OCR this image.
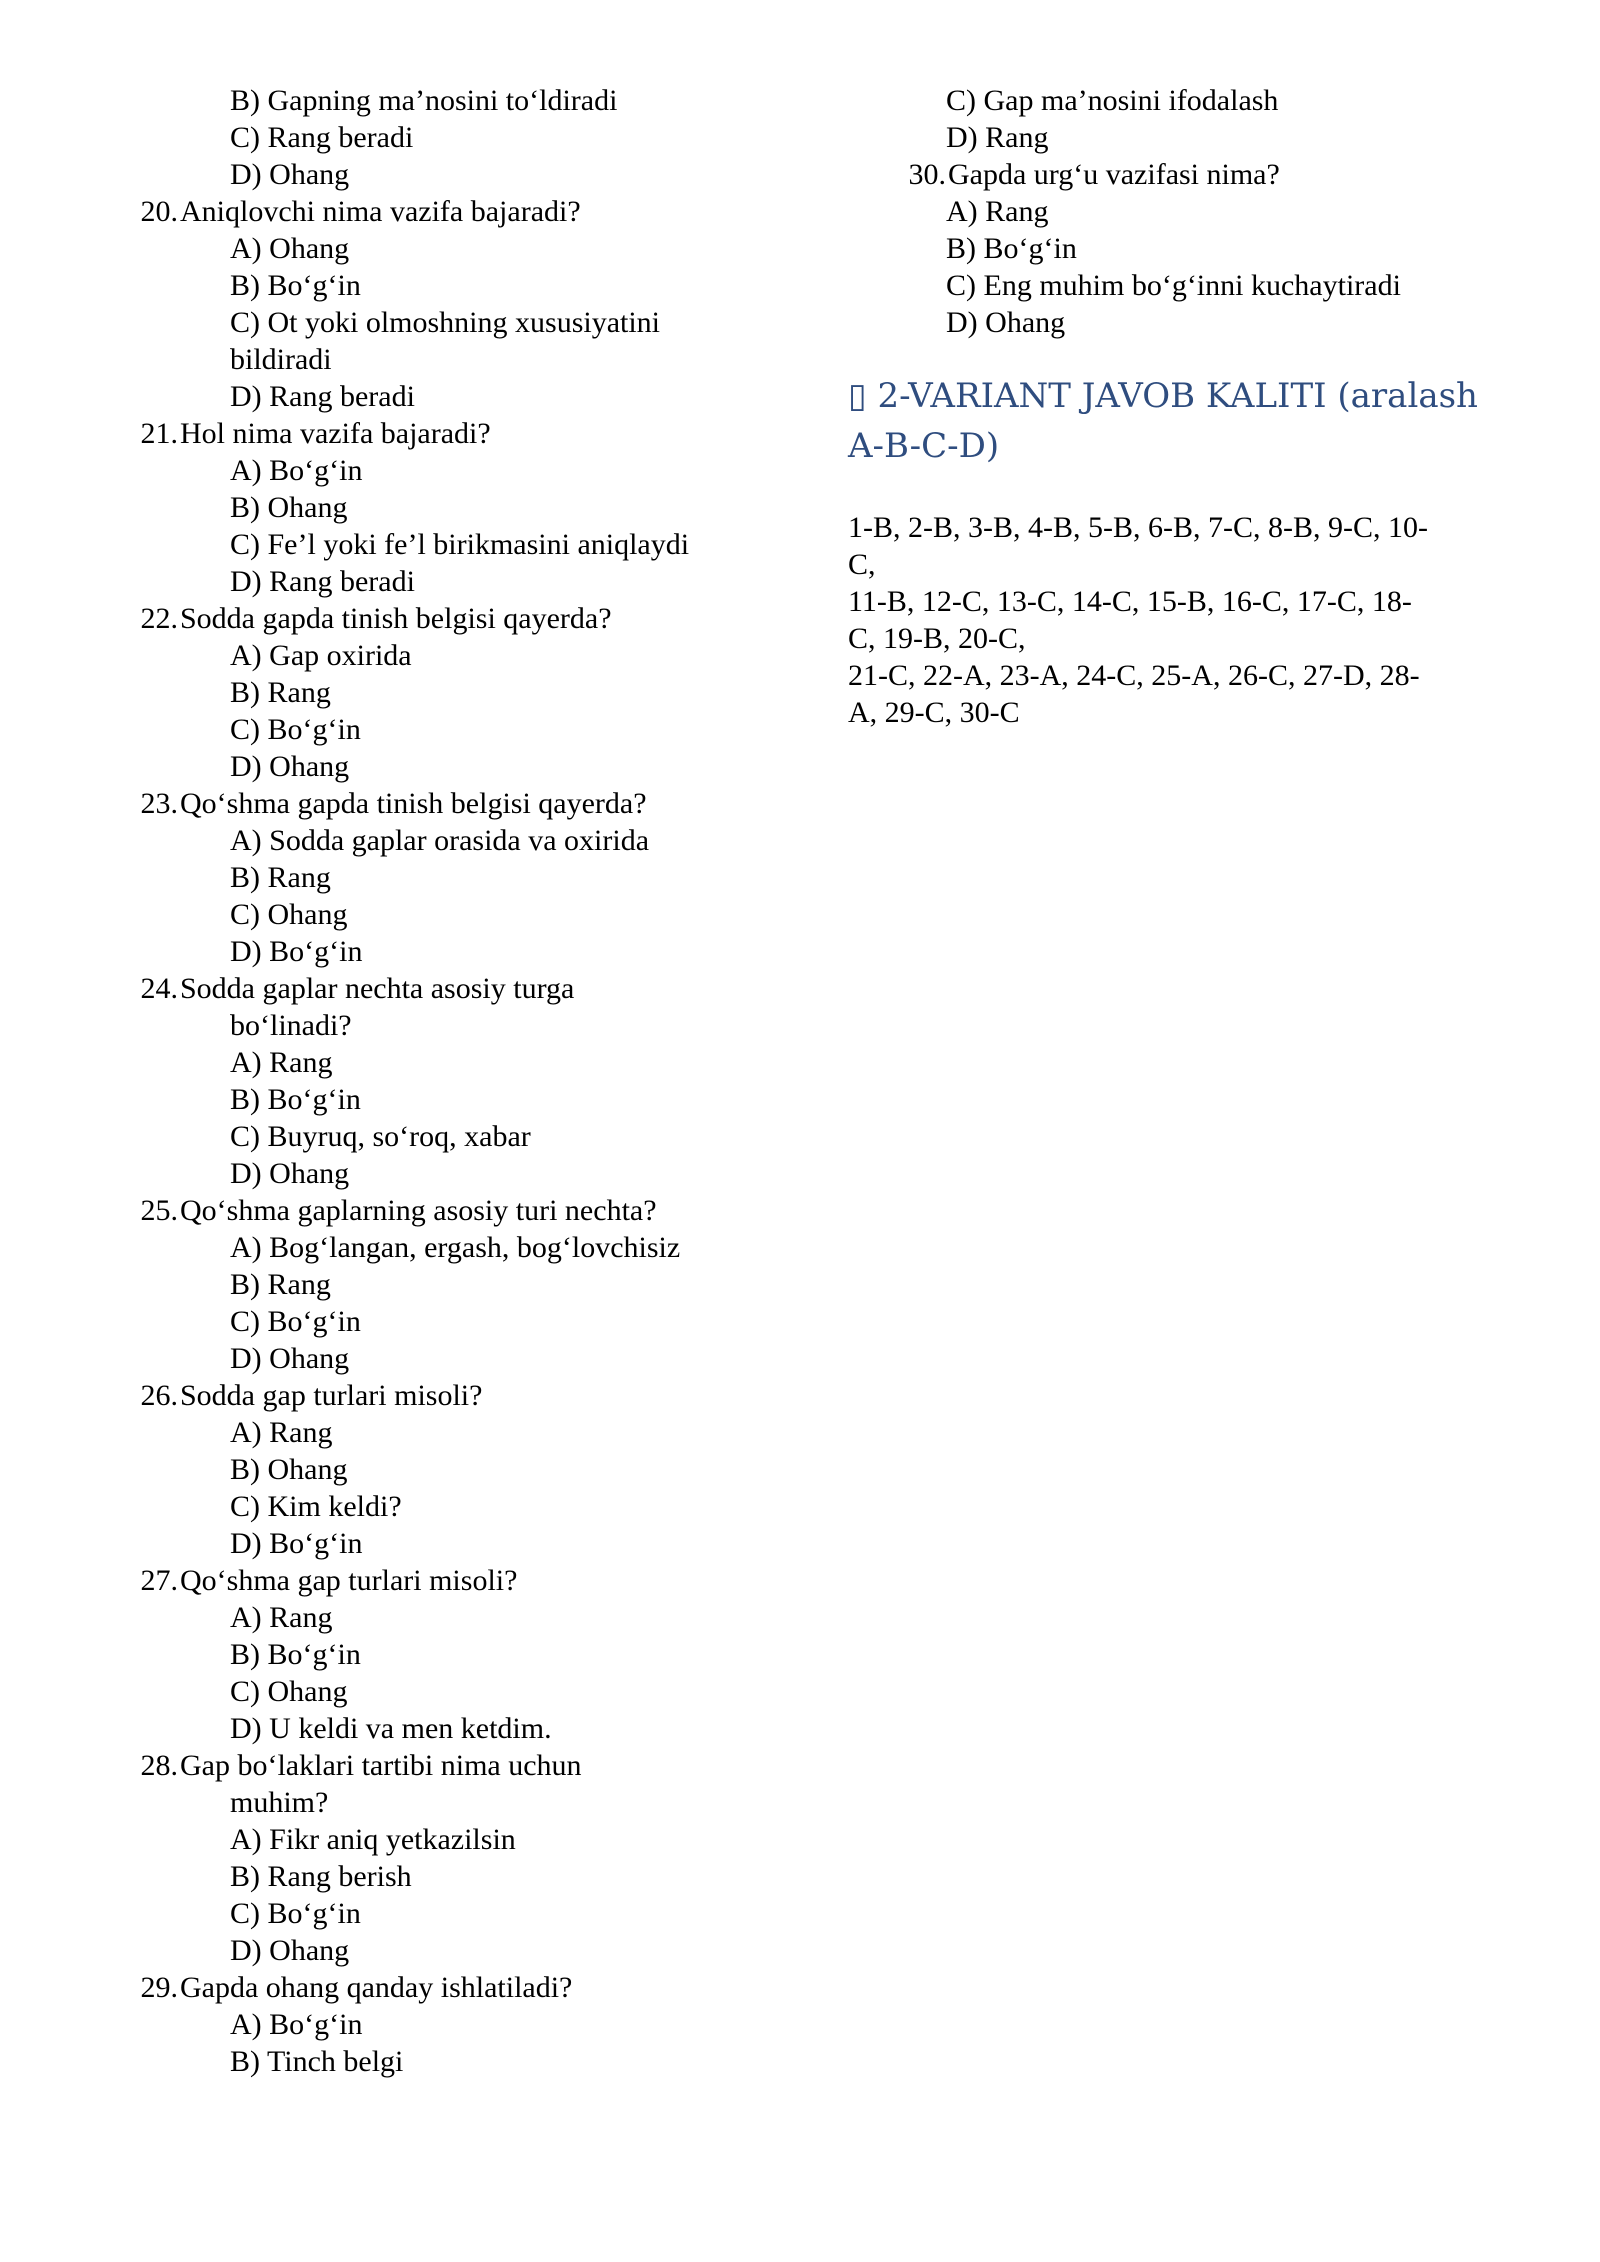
B) Gapning ma’nosini to‘ldiradi
C) Rang beradi
D) Ohang
20. Aniqlovchi nima vazifa bajaradi?
A) Ohang
B) Bo‘g‘in
C) Ot yoki olmoshning xususiyatini
bildiradi
D) Rang beradi
21. Hol nima vazifa bajaradi?
A) Bo‘g‘in
B) Ohang
C) Fe’l yoki fe’l birikmasini aniqlaydi
D) Rang beradi
22. Sodda gapda tinish belgisi qayerda?
A) Gap oxirida
B) Rang
C) Bo‘g‘in
D) Ohang
23. Qo‘shma gapda tinish belgisi qayerda?
A) Sodda gaplar orasida va oxirida
B) Rang
C) Ohang
D) Bo‘g‘in
24. Sodda gaplar nechta asosiy turga
bo‘linadi?
A) Rang
B) Bo‘g‘in
C) Buyruq, so‘roq, xabar
D) Ohang
25. Qo‘shma gaplarning asosiy turi nechta?
A) Bog‘langan, ergash, bog‘lovchisiz
B) Rang
C) Bo‘g‘in
D) Ohang
26. Sodda gap turlari misoli?
A) Rang
B) Ohang
C) Kim keldi?
D) Bo‘g‘in
27. Qo‘shma gap turlari misoli?
A) Rang
B) Bo‘g‘in
C) Ohang
D) U keldi va men ketdim.
28. Gap bo‘laklari tartibi nima uchun
muhim?
A) Fikr aniq yetkazilsin
B) Rang berish
C) Bo‘g‘in
D) Ohang
29. Gapda ohang qanday ishlatiladi?
A) Bo‘g‘in
B) Tinch belgi
C) Gap ma’nosini ifodalash
D) Rang
30. Gapda urg‘u vazifasi nima?
A) Rang
B) Bo‘g‘in
C) Eng muhim bo‘g‘inni kuchaytiradi
D) Ohang
▯ 2-VARIANT JAVOB KALITI (aralash
A-B-C-D)
1-B, 2-B, 3-B, 4-B, 5-B, 6-B, 7-C, 8-B, 9-C, 10-
C,
11-B, 12-C, 13-C, 14-C, 15-B, 16-C, 17-C, 18-
C, 19-B, 20-C,
21-C, 22-A, 23-A, 24-C, 25-A, 26-C, 27-D, 28-
A, 29-C, 30-C
